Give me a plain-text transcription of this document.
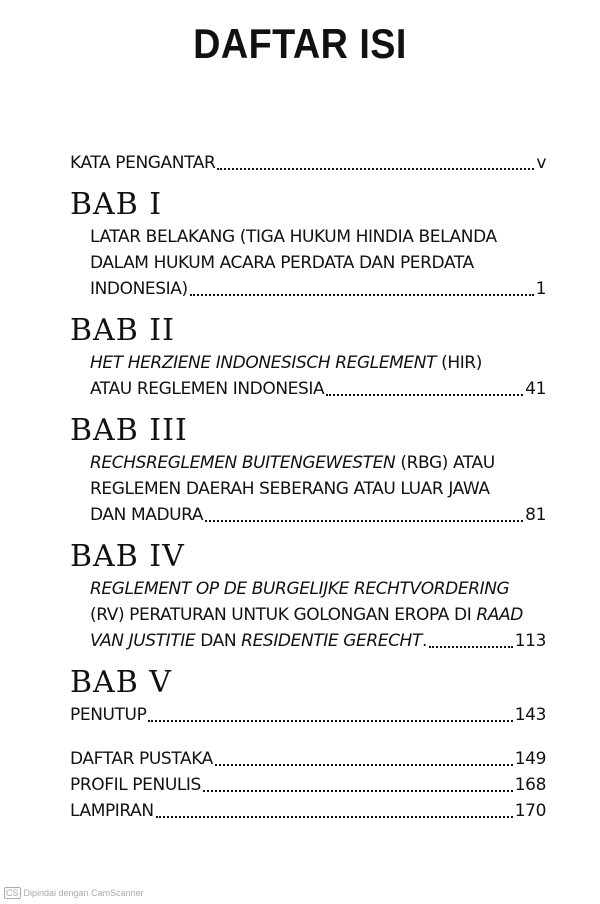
DAFTAR ISI
KATA PENGANTAR	v
BAB I
LATAR BELAKANG (TIGA HUKUM HINDIA BELANDA
DALAM HUKUM ACARA PERDATA DAN PERDATA
INDONESIA)	1
BAB II
HET HERZIENE INDONESISCH REGLEMENT (HIR)
ATAU REGLEMEN INDONESIA	41
BAB III
RECHSREGLEMEN BUITENGEWESTEN (RBG) ATAU
REGLEMEN DAERAH SEBERANG ATAU LUAR JAWA
DAN MADURA	81
BAB IV
REGLEMENT OP DE BURGELIJKE RECHTVORDERING
(RV) PERATURAN UNTUK GOLONGAN EROPA DI RAAD
VAN JUSTITIE DAN RESIDENTIE GERECHT.	113
BAB V
PENUTUP	143
DAFTAR PUSTAKA	149
PROFIL PENULIS	168
LAMPIRAN	170
CS Dipindai dengan CamScanner
